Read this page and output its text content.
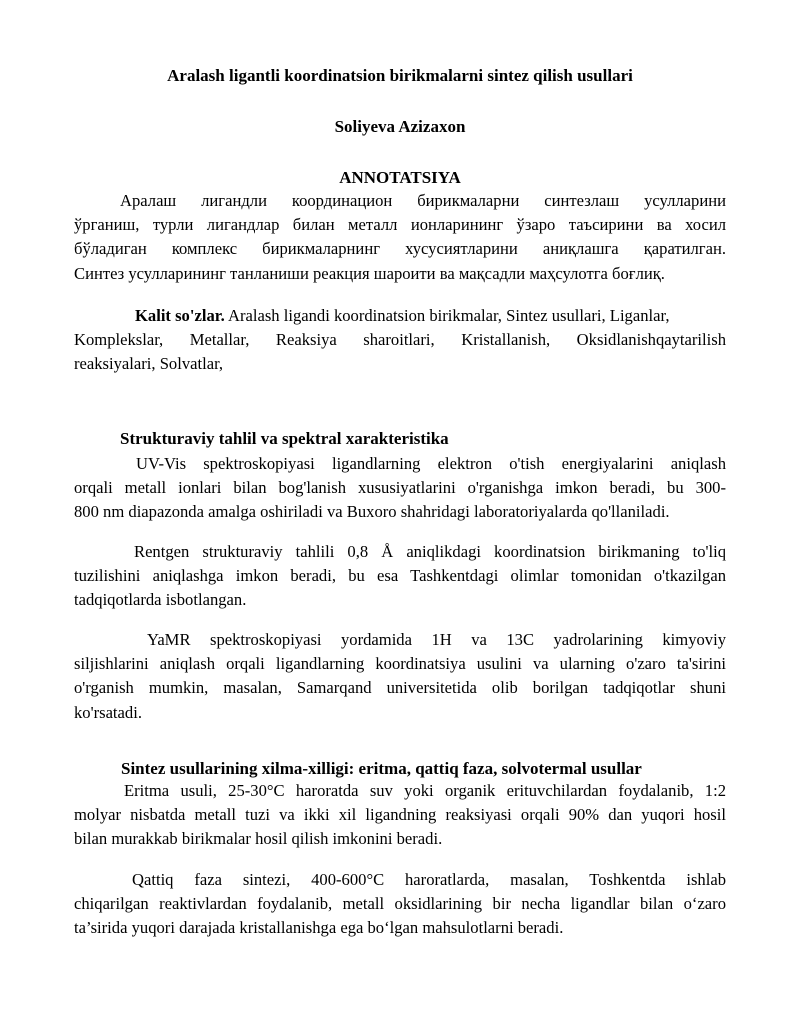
Aralash ligantli koordinatsion birikmalarni sintez qilish usullari
Soliyeva Azizaxon
ANNOTATSIYA
Аралаш лигандли координацион бирикмаларни синтезлаш усулларини
ўрганиш, турли лигандлар билан металл ионларининг ўзаро таъсирини ва хосил
бўладиган комплекс бирикмаларнинг хусусиятларини аниқлашга қаратилган.
Синтез усулларининг танланиши реакция шароити ва мақсадли маҳсулотга боғлиқ.
Kalit so'zlar. Aralash ligandi koordinatsion birikmalar, Sintez usullari, Liganlar,
Komplekslar, Metallar, Reaksiya sharoitlari, Kristallanish, Oksidlanishqaytarilish
reaksiyalari, Solvatlar,
Strukturaviy tahlil va spektral xarakteristika
UV-Vis spektroskopiyasi ligandlarning elektron o'tish energiyalarini aniqlash
orqali metall ionlari bilan bog'lanish xususiyatlarini o'rganishga imkon beradi, bu 300-
800 nm diapazonda amalga oshiriladi va Buxoro shahridagi laboratoriyalarda qo'llaniladi.
Rentgen strukturaviy tahlili 0,8 Å aniqlikdagi koordinatsion birikmaning to'liq
tuzilishini aniqlashga imkon beradi, bu esa Tashkentdagi olimlar tomonidan o'tkazilgan
tadqiqotlarda isbotlangan.
YaMR spektroskopiyasi yordamida 1H va 13C yadrolarining kimyoviy
siljishlarini aniqlash orqali ligandlarning koordinatsiya usulini va ularning o'zaro ta'sirini
o'rganish mumkin, masalan, Samarqand universitetida olib borilgan tadqiqotlar shuni
ko'rsatadi.
Sintez usullarining xilma-xilligi: eritma, qattiq faza, solvotermal usullar
Eritma usuli, 25-30°C haroratda suv yoki organik erituvchilardan foydalanib, 1:2
molyar nisbatda metall tuzi va ikki xil ligandning reaksiyasi orqali 90% dan yuqori hosil
bilan murakkab birikmalar hosil qilish imkonini beradi.
Qattiq faza sintezi, 400-600°C haroratlarda, masalan, Toshkentda ishlab
chiqarilgan reaktivlardan foydalanib, metall oksidlarining bir necha ligandlar bilan o‘zaro
ta’sirida yuqori darajada kristallanishga ega bo‘lgan mahsulotlarni beradi.
